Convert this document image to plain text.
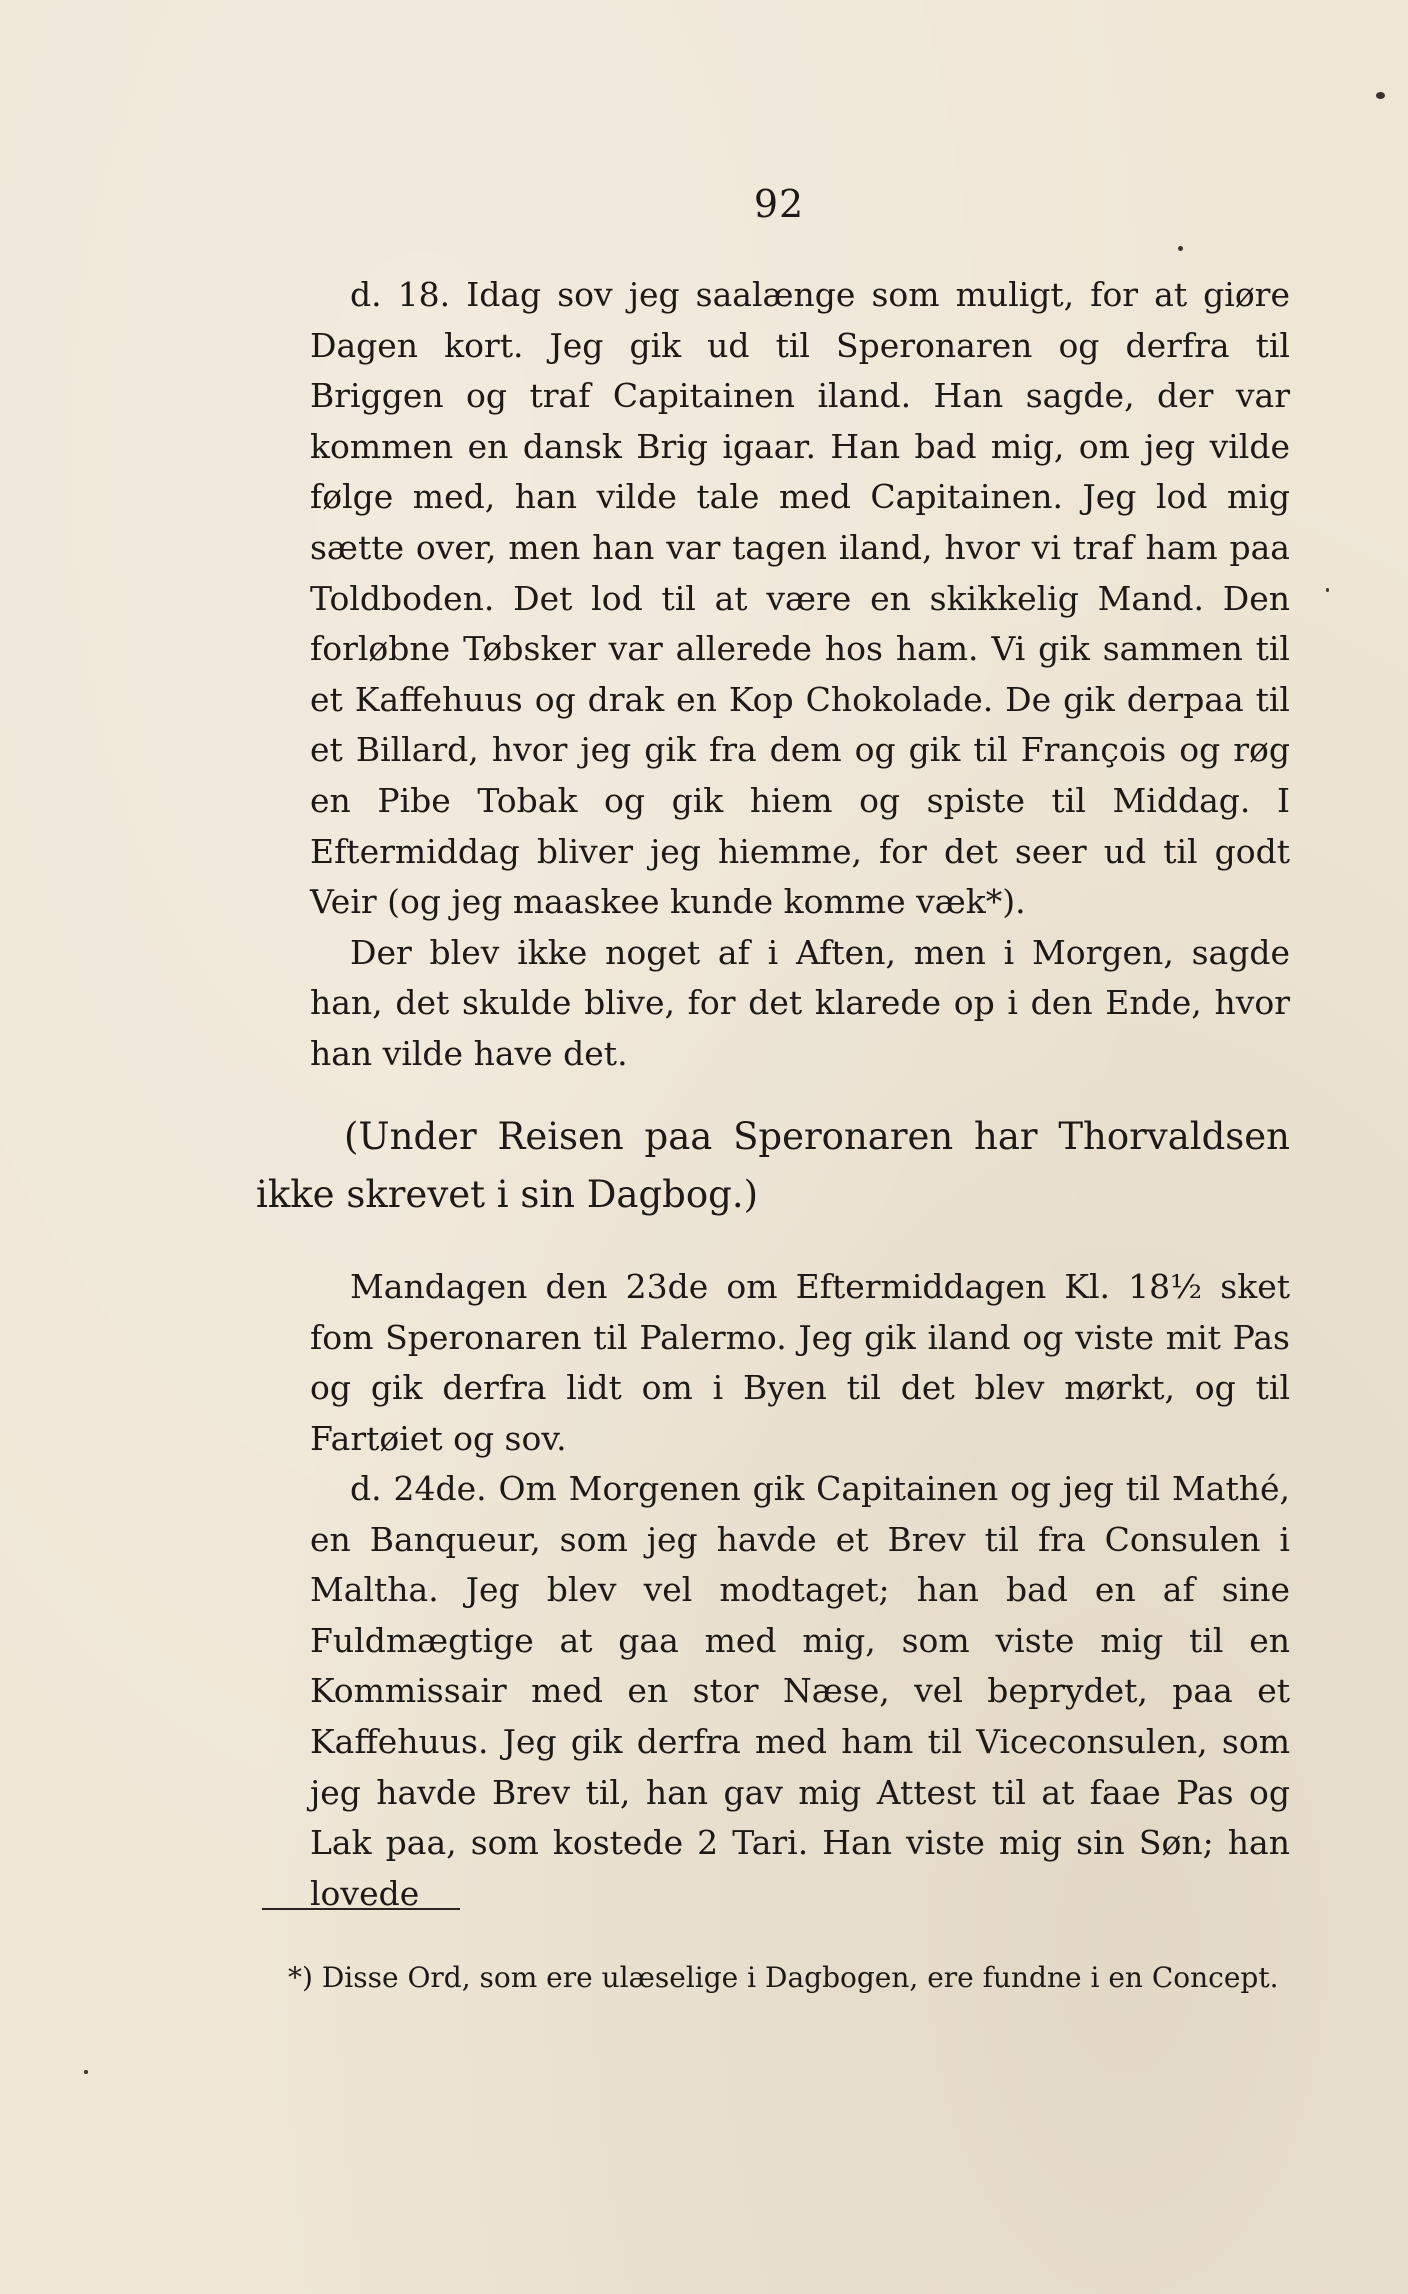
92

d. 18. Idag sov jeg saalænge som muligt, for at giøre Dagen kort. Jeg gik ud til Speronaren og derfra til Briggen og traf Capitainen iland. Han sagde, der var kommen en dansk Brig igaar. Han bad mig, om jeg vilde følge med, han vilde tale med Capitainen. Jeg lod mig sætte over, men han var tagen iland, hvor vi traf ham paa Toldboden. Det lod til at være en skikkelig Mand. Den forløbne Tøbsker var allerede hos ham. Vi gik sammen til et Kaffehuus og drak en Kop Chokolade. De gik derpaa til et Billard, hvor jeg gik fra dem og gik til François og røg en Pibe Tobak og gik hiem og spiste til Middag. I Eftermiddag bliver jeg hiemme, for det seer ud til godt Veir (og jeg maaskee kunde komme væk*).

Der blev ikke noget af i Aften, men i Morgen, sagde han, det skulde blive, for det klarede op i den Ende, hvor han vilde have det.

(Under Reisen paa Speronaren har Thorvaldsen ikke skrevet i sin Dagbog.)

Mandagen den 23de om Eftermiddagen Kl. 18½ sket fom Speronaren til Palermo. Jeg gik iland og viste mit Pas og gik derfra lidt om i Byen til det blev mørkt, og til Fartøiet og sov.

d. 24de. Om Morgenen gik Capitainen og jeg til Mathé, en Banqueur, som jeg havde et Brev til fra Consulen i Maltha. Jeg blev vel modtaget; han bad en af sine Fuldmægtige at gaa med mig, som viste mig til en Kommissair med en stor Næse, vel beprydet, paa et Kaffehuus. Jeg gik derfra med ham til Viceconsulen, som jeg havde Brev til, han gav mig Attest til at faae Pas og Lak paa, som kostede 2 Tari. Han viste mig sin Søn; han lovede

*) Disse Ord, som ere ulæselige i Dagbogen, ere fundne i en Concept.
